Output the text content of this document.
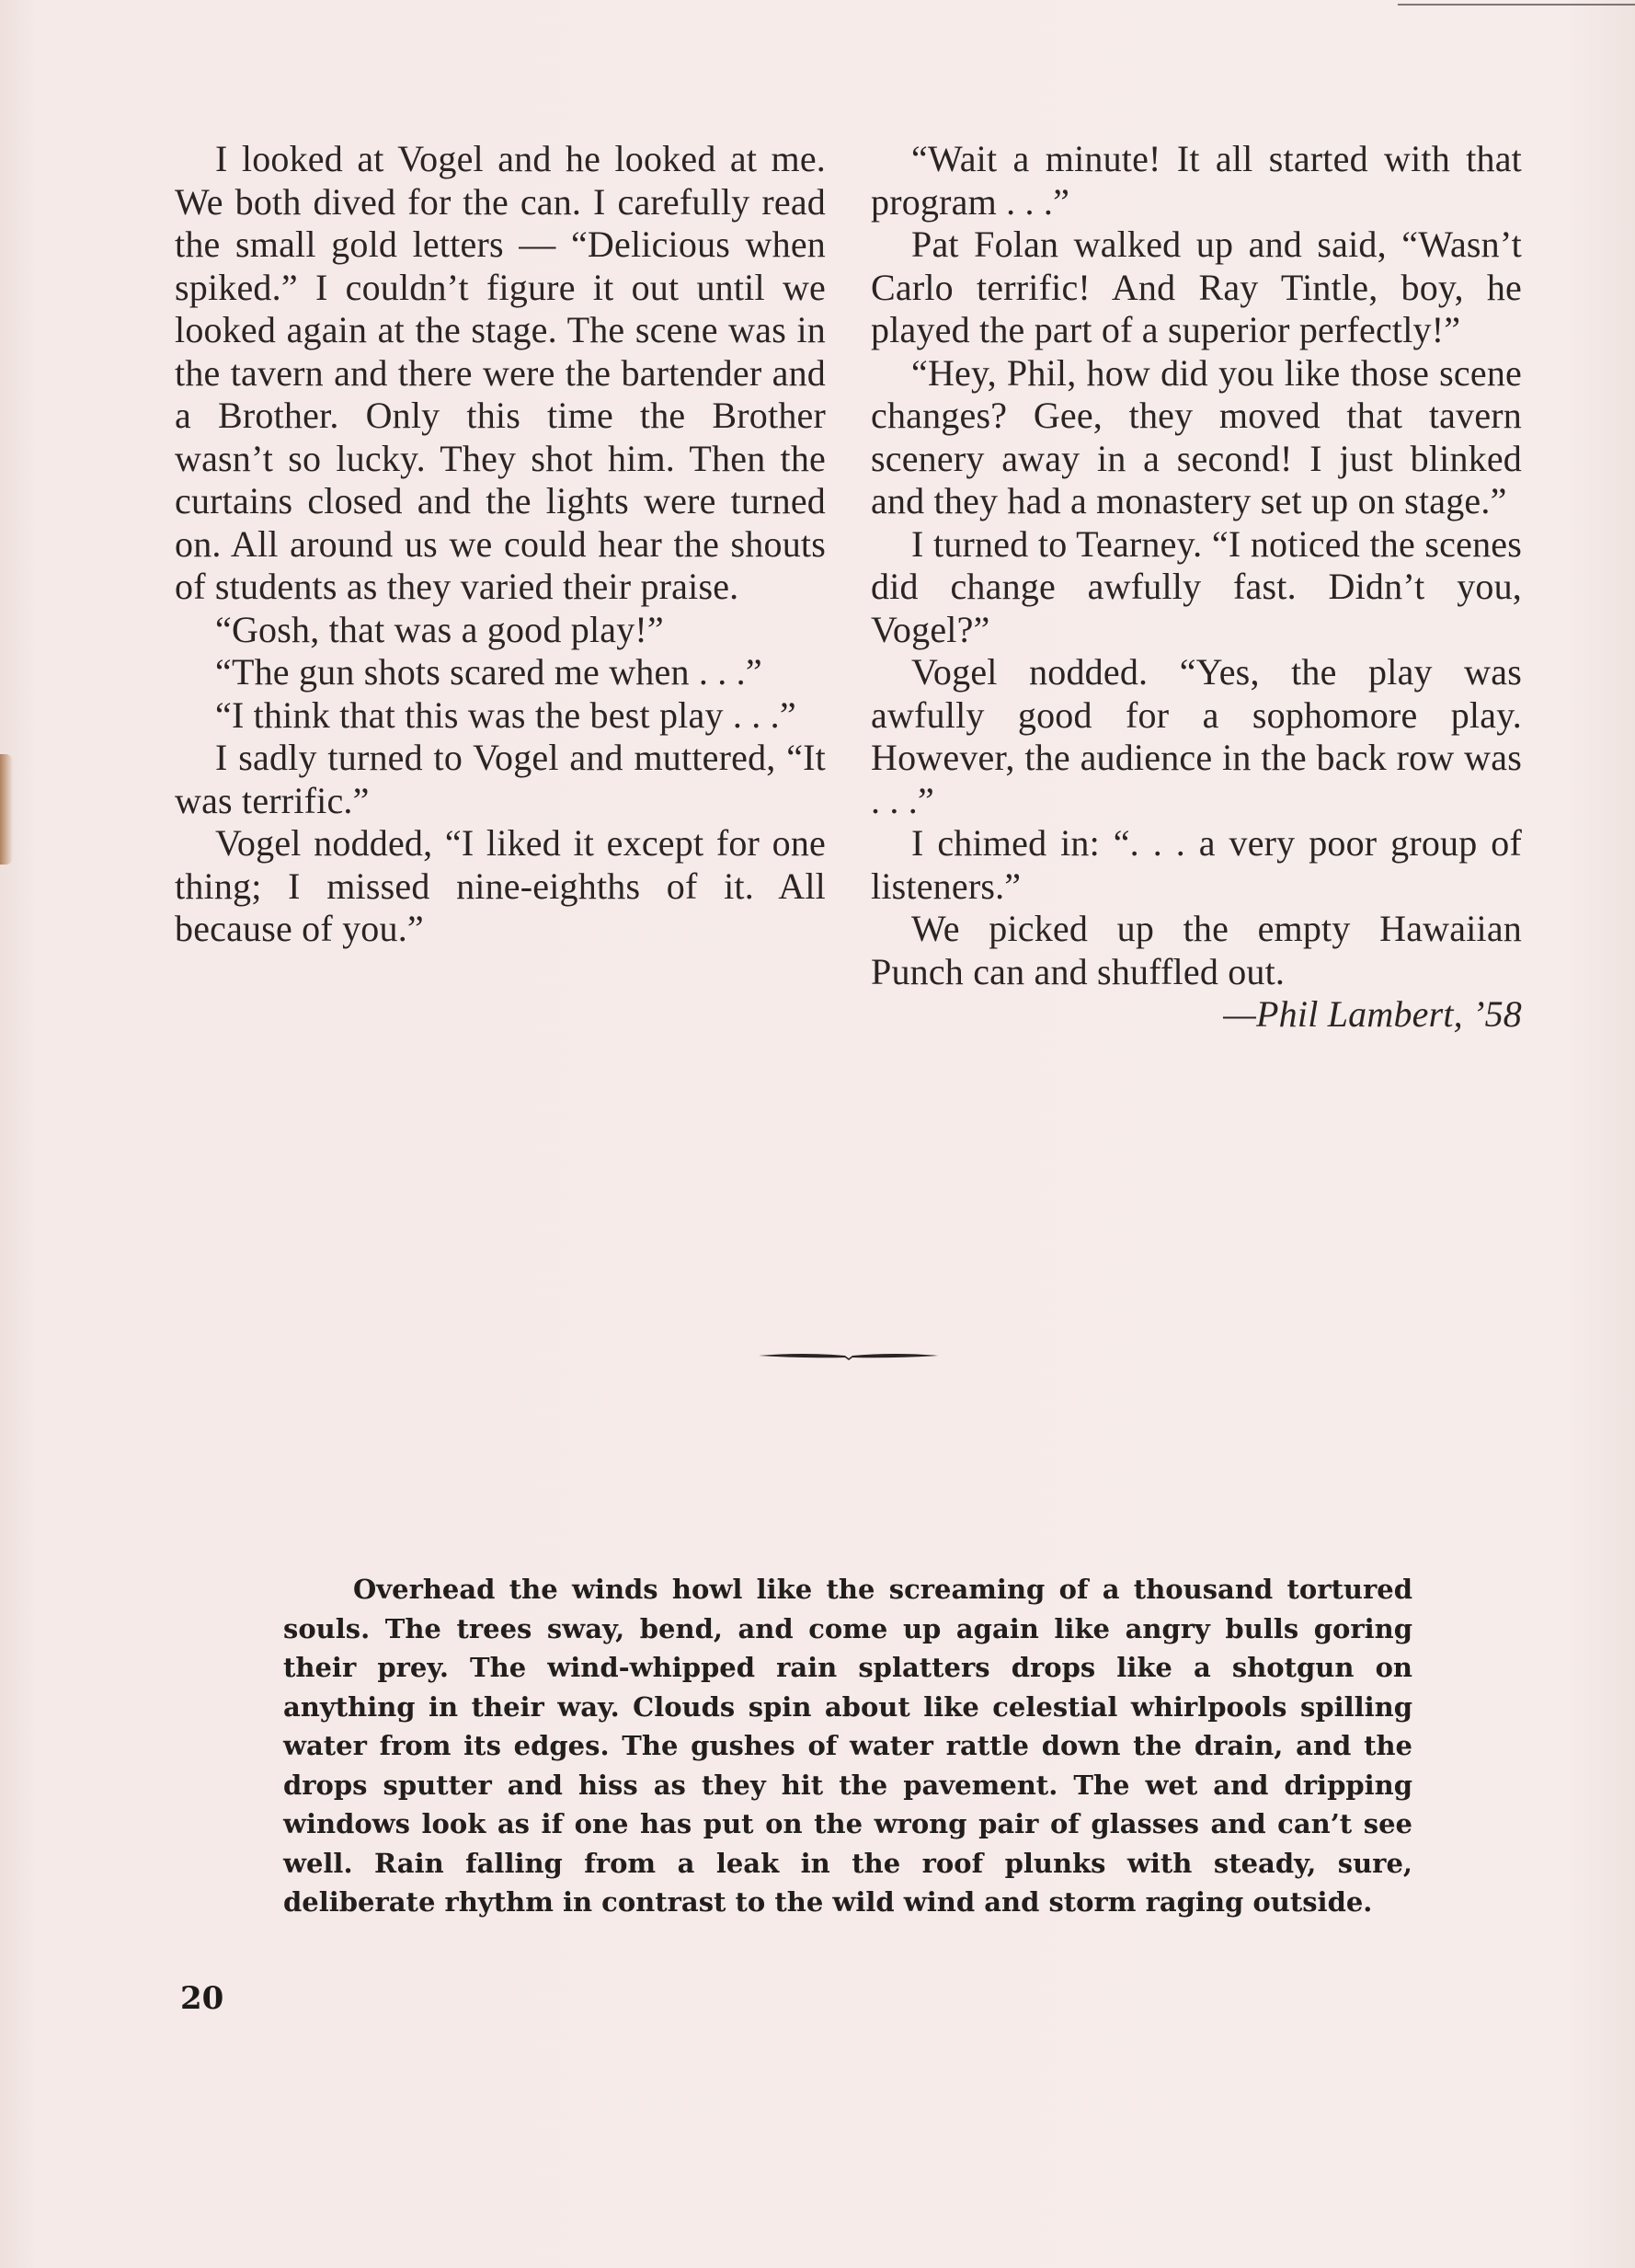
I looked at Vogel and he looked at me. We both dived for the can. I carefully read the small gold letters — “Delicious when spiked.” I couldn’t figure it out until we looked again at the stage. The scene was in the tavern and there were the bartender and a Brother. Only this time the Brother wasn’t so lucky. They shot him. Then the curtains closed and the lights were turned on. All around us we could hear the shouts of students as they varied their praise.

“Gosh, that was a good play!”

“The gun shots scared me when . . .”

“I think that this was the best play . . .”

I sadly turned to Vogel and muttered, “It was terrific.”

Vogel nodded, “I liked it except for one thing; I missed nine-eighths of it. All because of you.”

“Wait a minute! It all started with that program . . .”

Pat Folan walked up and said, “Wasn’t Carlo terrific! And Ray Tintle, boy, he played the part of a superior perfectly!”

“Hey, Phil, how did you like those scene changes? Gee, they moved that tavern scenery away in a second! I just blinked and they had a monastery set up on stage.”

I turned to Tearney. “I noticed the scenes did change awfully fast. Didn’t you, Vogel?”

Vogel nodded. “Yes, the play was awfully good for a sophomore play. However, the audience in the back row was . . .”

I chimed in: “. . . a very poor group of listeners.”

We picked up the empty Hawaiian Punch can and shuffled out.

—Phil Lambert, ’58

Overhead the winds howl like the screaming of a thousand tortured souls. The trees sway, bend, and come up again like angry bulls goring their prey. The wind-whipped rain splatters drops like a shotgun on anything in their way. Clouds spin about like celestial whirlpools spilling water from its edges. The gushes of water rattle down the drain, and the drops sputter and hiss as they hit the pavement. The wet and dripping windows look as if one has put on the wrong pair of glasses and can’t see well. Rain falling from a leak in the roof plunks with steady, sure, deliberate rhythm in contrast to the wild wind and storm raging outside.

20
